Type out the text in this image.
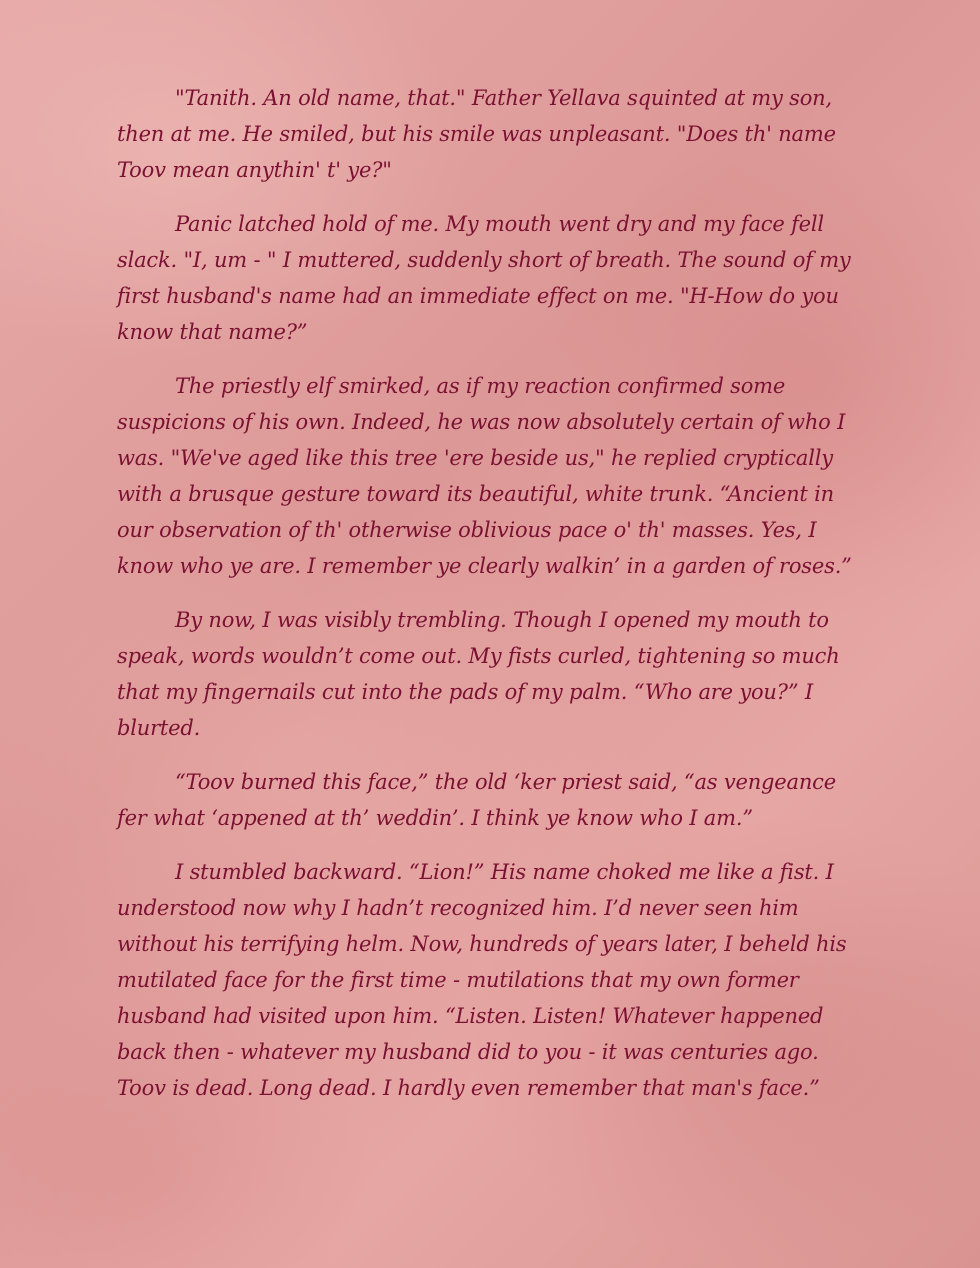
"Tanith. An old name, that." Father Yellava squinted at my son, then at me. He smiled, but his smile was unpleasant. "Does th' name Toov mean anythin' t' ye?"

Panic latched hold of me. My mouth went dry and my face fell slack. "I, um - " I muttered, suddenly short of breath. The sound of my first husband's name had an immediate effect on me. "H-How do you know that name?”

The priestly elf smirked, as if my reaction confirmed some suspicions of his own. Indeed, he was now absolutely certain of who I was. "We've aged like this tree 'ere beside us," he replied cryptically with a brusque gesture toward its beautiful, white trunk. “Ancient in our observation of th' otherwise oblivious pace o' th' masses. Yes, I know who ye are. I remember ye clearly walkin’ in a garden of roses.”

By now, I was visibly trembling. Though I opened my mouth to speak, words wouldn’t come out. My fists curled, tightening so much that my fingernails cut into the pads of my palm. “Who are you?” I blurted.

“Toov burned this face,” the old ‘ker priest said, “as vengeance fer what ‘appened at th’ weddin’. I think ye know who I am.”

I stumbled backward. “Lion!” His name choked me like a fist. I understood now why I hadn’t recognized him. I’d never seen him without his terrifying helm. Now, hundreds of years later, I beheld his mutilated face for the first time - mutilations that my own former husband had visited upon him. “Listen. Listen! Whatever happened back then - whatever my husband did to you - it was centuries ago. Toov is dead. Long dead. I hardly even remember that man's face.”
